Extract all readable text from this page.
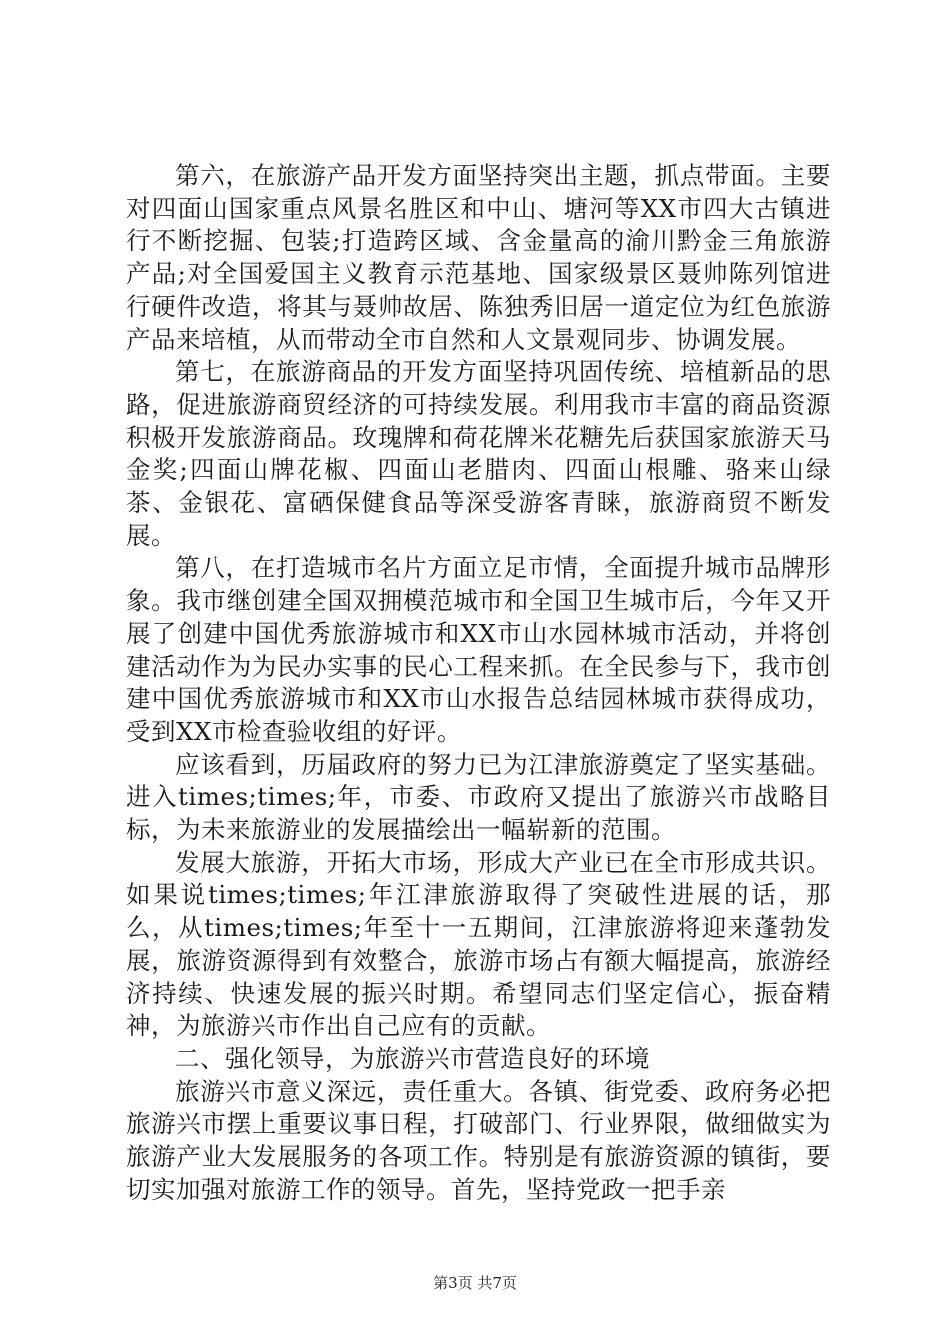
第六，在旅游产品开发方面坚持突出主题，抓点带面。主要对四面山国家重点风景名胜区和中山、塘河等XX市四大古镇进行不断挖掘、包装;打造跨区域、含金量高的渝川黔金三角旅游产品;对全国爱国主义教育示范基地、国家级景区聂帅陈列馆进行硬件改造，将其与聂帅故居、陈独秀旧居一道定位为红色旅游产品来培植，从而带动全市自然和人文景观同步、协调发展。

第七，在旅游商品的开发方面坚持巩固传统、培植新品的思路，促进旅游商贸经济的可持续发展。利用我市丰富的商品资源积极开发旅游商品。玫瑰牌和荷花牌米花糖先后获国家旅游天马金奖;四面山牌花椒、四面山老腊肉、四面山根雕、骆来山绿茶、金银花、富硒保健食品等深受游客青睐，旅游商贸不断发展。

第八，在打造城市名片方面立足市情，全面提升城市品牌形象。我市继创建全国双拥模范城市和全国卫生城市后，今年又开展了创建中国优秀旅游城市和XX市山水园林城市活动，并将创建活动作为为民办实事的民心工程来抓。在全民参与下，我市创建中国优秀旅游城市和XX市山水报告总结园林城市获得成功，受到XX市检查验收组的好评。

应该看到，历届政府的努力已为江津旅游奠定了坚实基础。进入times;times;年，市委、市政府又提出了旅游兴市战略目标，为未来旅游业的发展描绘出一幅崭新的范围。

发展大旅游，开拓大市场，形成大产业已在全市形成共识。如果说times;times;年江津旅游取得了突破性进展的话，那么，从times;times;年至十一五期间，江津旅游将迎来蓬勃发展，旅游资源得到有效整合，旅游市场占有额大幅提高，旅游经济持续、快速发展的振兴时期。希望同志们坚定信心，振奋精神，为旅游兴市作出自己应有的贡献。

二、强化领导，为旅游兴市营造良好的环境

旅游兴市意义深远，责任重大。各镇、街党委、政府务必把旅游兴市摆上重要议事日程，打破部门、行业界限，做细做实为旅游产业大发展服务的各项工作。特别是有旅游资源的镇街，要切实加强对旅游工作的领导。首先，坚持党政一把手亲

第3页 共7页
